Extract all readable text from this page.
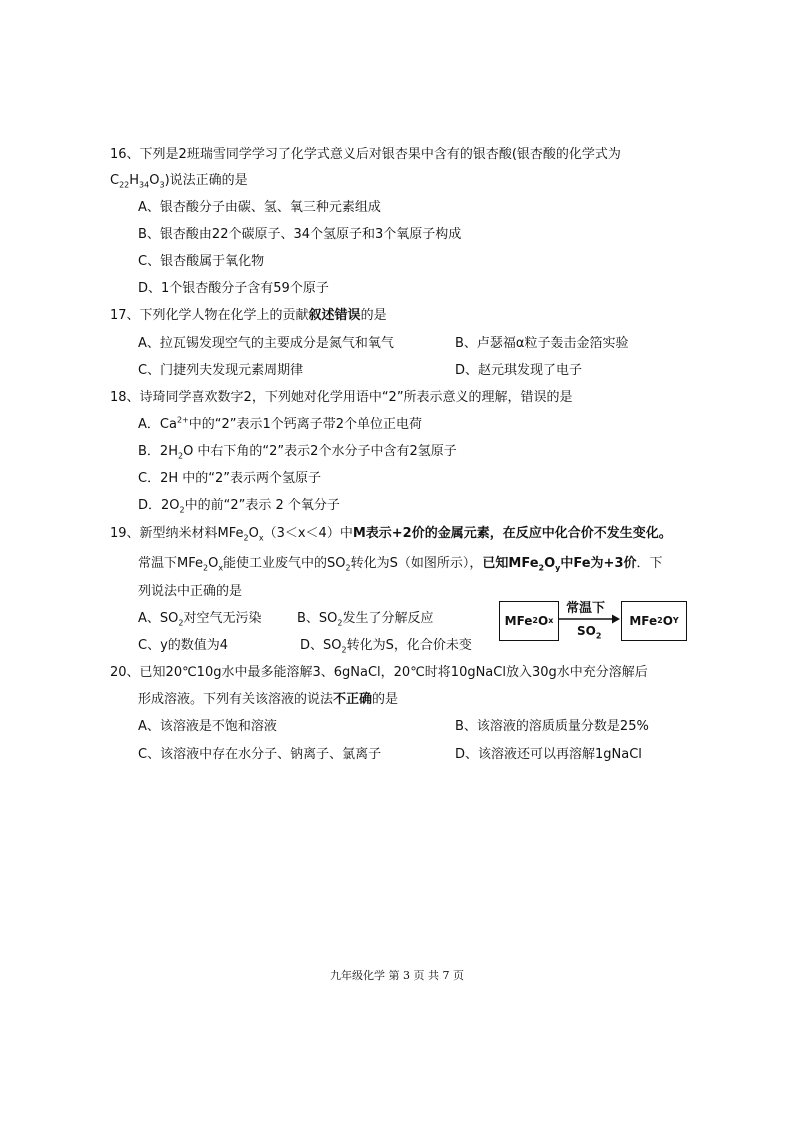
16、下列是2班瑞雪同学学习了化学式意义后对银杏果中含有的银杏酸(银杏酸的化学式为
$C_{22}H_{34}O_3$)说法正确的是
A、银杏酸分子由碳、氢、氧三种元素组成
B、银杏酸由22个碳原子、34个氢原子和3个氧原子构成
C、银杏酸属于氧化物
D、1个银杏酸分子含有59个原子
17、下列化学人物在化学上的贡献叙述错误的是
A、拉瓦锡发现空气的主要成分是氮气和氧气	B、卢瑟福α粒子轰击金箔实验
C、门捷列夫发现元素周期律	D、赵元琪发现了电子
18、诗琦同学喜欢数字2，下列她对化学用语中“2”所表示意义的理解，错误的是
A．$Ca^{2+}$中的“2”表示1个钙离子带2个单位正电荷
B．$2H_2O$ 中右下角的“2”表示2个水分子中含有2氢原子
C．2H 中的“2”表示两个氢原子
D．$2O_2$中的前“2”表示 2 个氧分子
19、新型纳米材料$MFe_2O_x(3<x<4)$中M表示+2价的金属元素，在反应中化合价不发生变化。
常温下$MFe_2O_x$能使工业废气中的$SO_2$转化为S（如图所示），已知$MFe_2O_y$中Fe为+3价．下
列说法中正确的是
A、$SO_2$对空气无污染	B、$SO_2$发生了分解反应
C、y的数值为4	D、$SO_2$转化为S，化合价未变
MFe 2 O x
常温下
$SO_2$
MFe 2 O Y
20、已知20℃10g水中最多能溶解3、6gNaCl，20℃时将10gNaCl放入30g水中充分溶解后
形成溶液。下列有关该溶液的说法不正确的是
A、该溶液是不饱和溶液	B、该溶液的溶质质量分数是25%
C、该溶液中存在水分子、钠离子、氯离子	D、该溶液还可以再溶解1gNaCl
九年级化学 第 3 页 共 7 页
